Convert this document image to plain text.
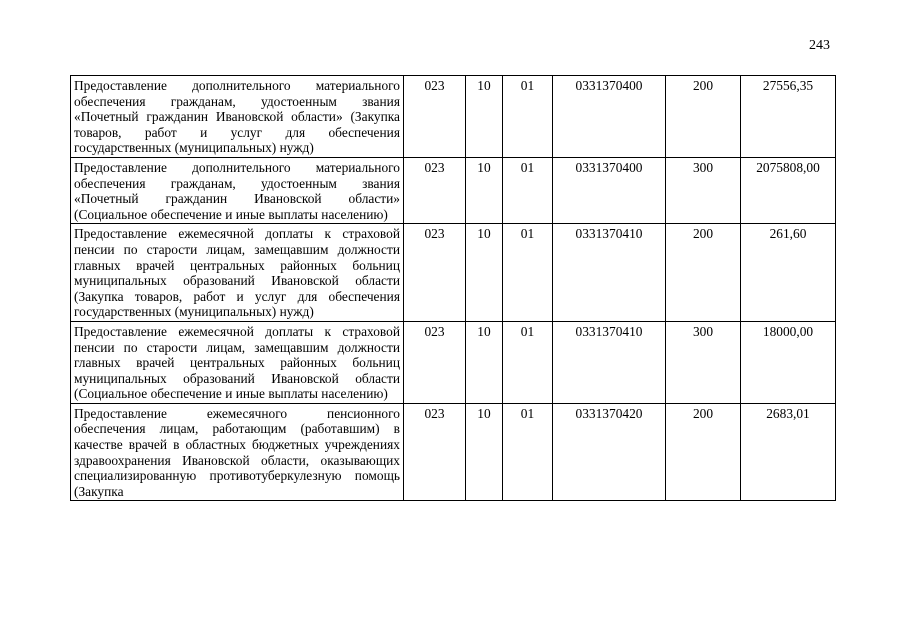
243
Предоставление дополнительного материального обеспечения гражданам, удостоенным звания «Почетный гражданин Ивановской области» (Закупка товаров, работ и услуг для обеспечения государственных (муниципальных) нужд)	023	10	01	0331370400	200	27556,35
Предоставление дополнительного материального обеспечения гражданам, удостоенным звания «Почетный гражданин Ивановской области» (Социальное обеспечение и иные выплаты населению)	023	10	01	0331370400	300	2075808,00
Предоставление ежемесячной доплаты к страховой пенсии по старости лицам, замещавшим должности главных врачей центральных районных больниц муниципальных образований Ивановской области (Закупка товаров, работ и услуг для обеспечения государственных (муниципальных) нужд)	023	10	01	0331370410	200	261,60
Предоставление ежемесячной доплаты к страховой пенсии по старости лицам, замещавшим должности главных врачей центральных районных больниц муниципальных образований Ивановской области (Социальное обеспечение и иные выплаты населению)	023	10	01	0331370410	300	18000,00
Предоставление ежемесячного пенсионного обеспечения лицам, работающим (работавшим) в качестве врачей в областных бюджетных учреждениях здравоохранения Ивановской области, оказывающих специализированную противотуберкулезную помощь (Закупка	023	10	01	0331370420	200	2683,01
